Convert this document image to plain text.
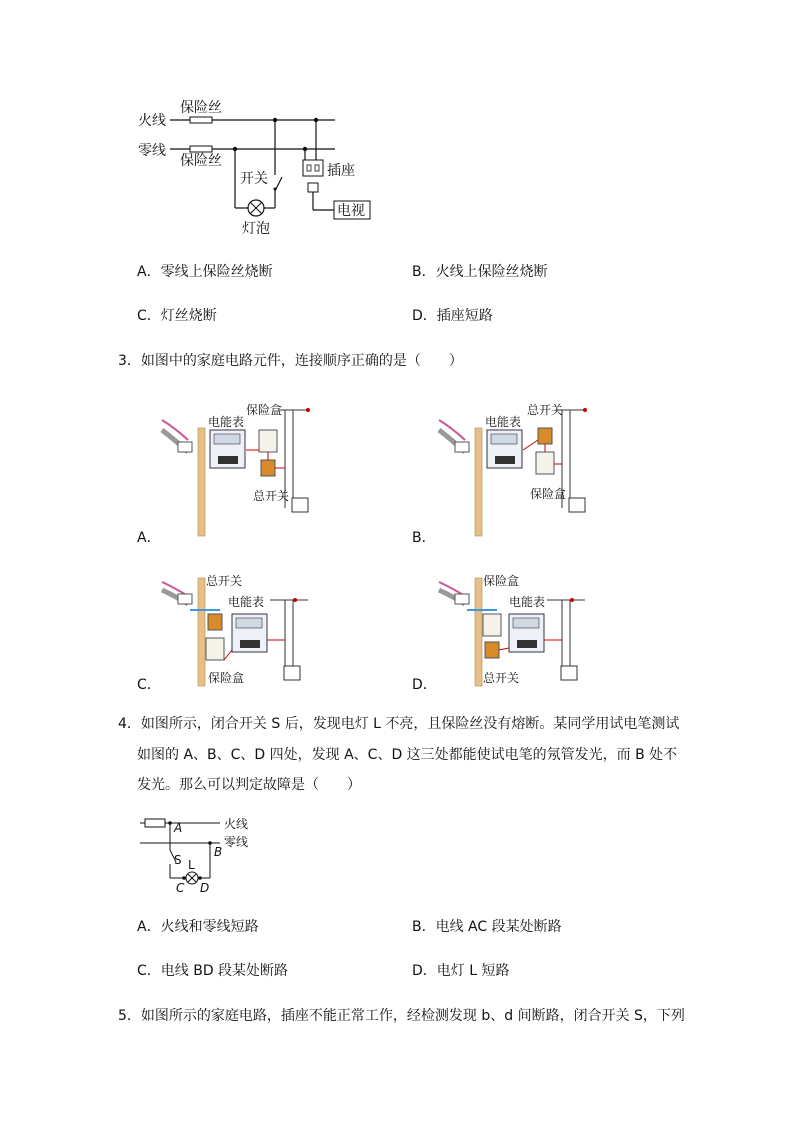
火线
保险丝
零线
保险丝
开关
灯泡
插座
电视
A．零线上保险丝烧断	B．火线上保险丝烧断
C．灯丝烧断	D．插座短路
3．如图中的家庭电路元件，连接顺序正确的是（　　）
电能表
保险盒
总开关
A．
电能表
总开关
保险盒
B．
总开关
保险盒
电能表
C．
保险盒
总开关
电能表
D．
4．如图所示，闭合开关 S 后，发现电灯 L 不亮，且保险丝没有熔断。某同学用试电笔测试
如图的 A、B、C、D 四处，发现 A、C、D 这三处都能使试电笔的氖管发光，而 B 处不
发光。那么可以判定故障是（　　）
火线
零线
A
S L
B
C D
A．火线和零线短路	B．电线 AC 段某处断路
C．电线 BD 段某处断路	D．电灯 L 短路
5．如图所示的家庭电路，插座不能正常工作，经检测发现 b、d 间断路，闭合开关 S，下列
